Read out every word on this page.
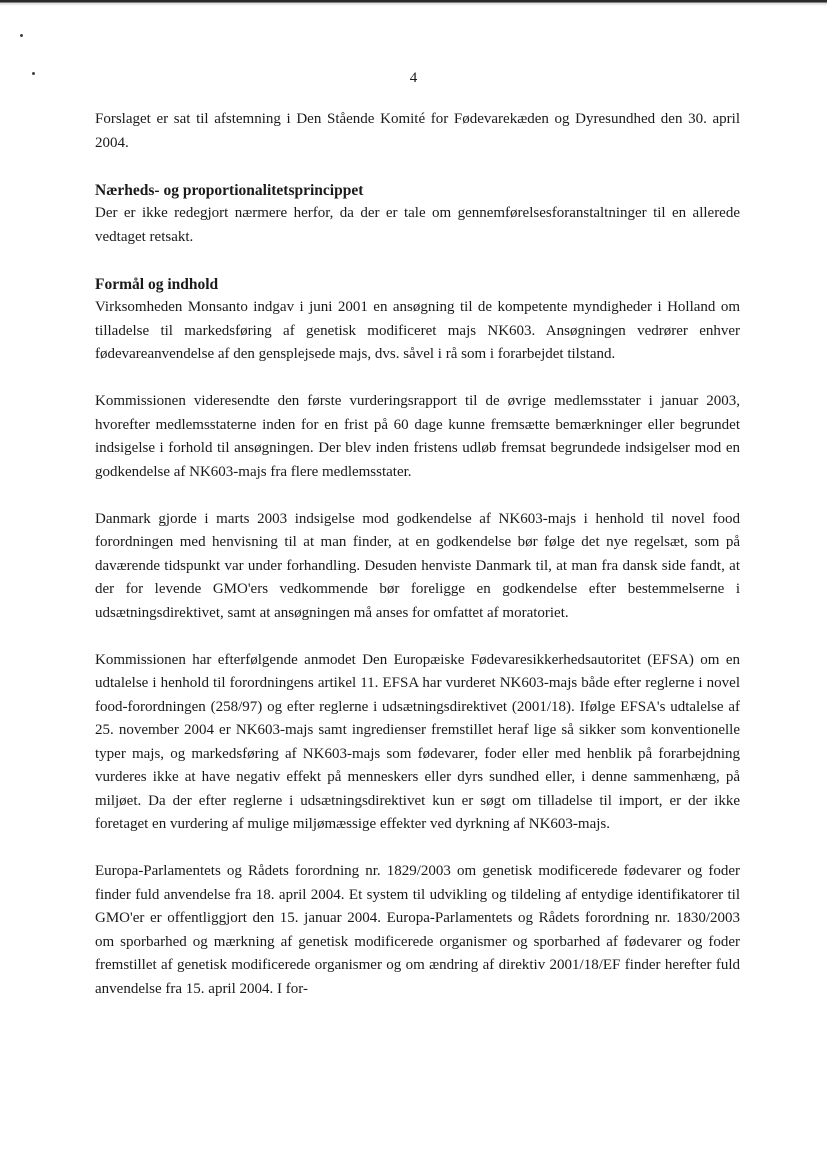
4

Forslaget er sat til afstemning i Den Stående Komité for Fødevarekæden og Dyresundhed den 30. april 2004.

Nærheds- og proportionalitetsprincippet
Der er ikke redegjort nærmere herfor, da der er tale om gennemførelsesforanstaltninger til en allerede vedtaget retsakt.
Formål og indhold
Virksomheden Monsanto indgav i juni 2001 en ansøgning til de kompetente myndigheder i Holland om tilladelse til markedsføring af genetisk modificeret majs NK603. Ansøgningen vedrører enhver fødevareanvendelse af den gensplejsede majs, dvs. såvel i rå som i forarbejdet tilstand.

Kommissionen videresendte den første vurderingsrapport til de øvrige medlemsstater i januar 2003, hvorefter medlemsstaterne inden for en frist på 60 dage kunne fremsætte bemærkninger eller begrundet indsigelse i forhold til ansøgningen. Der blev inden fristens udløb fremsat begrundede indsigelser mod en godkendelse af NK603-majs fra flere medlemsstater.

Danmark gjorde i marts 2003 indsigelse mod godkendelse af NK603-majs i henhold til novel food forordningen med henvisning til at man finder, at en godkendelse bør følge det nye regelsæt, som på daværende tidspunkt var under forhandling. Desuden henviste Danmark til, at man fra dansk side fandt, at der for levende GMO'ers vedkommende bør foreligge en godkendelse efter bestemmelserne i udsætningsdirektivet, samt at ansøgningen må anses for omfattet af moratoriet.

Kommissionen har efterfølgende anmodet Den Europæiske Fødevaresikkerhedsautoritet (EFSA) om en udtalelse i henhold til forordningens artikel 11. EFSA har vurderet NK603-majs både efter reglerne i novel food-forordningen (258/97) og efter reglerne i udsætningsdirektivet (2001/18). Ifølge EFSA's udtalelse af 25. november 2004 er NK603-majs samt ingredienser fremstillet heraf lige så sikker som konventionelle typer majs, og markedsføring af NK603-majs som fødevarer, foder eller med henblik på forarbejdning vurderes ikke at have negativ effekt på menneskers eller dyrs sundhed eller, i denne sammenhæng, på miljøet. Da der efter reglerne i udsætningsdirektivet kun er søgt om tilladelse til import, er der ikke foretaget en vurdering af mulige miljømæssige effekter ved dyrkning af NK603-majs.

Europa-Parlamentets og Rådets forordning nr. 1829/2003 om genetisk modificerede fødevarer og foder finder fuld anvendelse fra 18. april 2004. Et system til udvikling og tildeling af entydige identifikatorer til GMO'er er offentliggjort den 15. januar 2004. Europa-Parlamentets og Rådets forordning nr. 1830/2003 om sporbarhed og mærkning af genetisk modificerede organismer og sporbarhed af fødevarer og foder fremstillet af genetisk modificerede organismer og om ændring af direktiv 2001/18/EF finder herefter fuld anvendelse fra 15. april 2004. I for-
